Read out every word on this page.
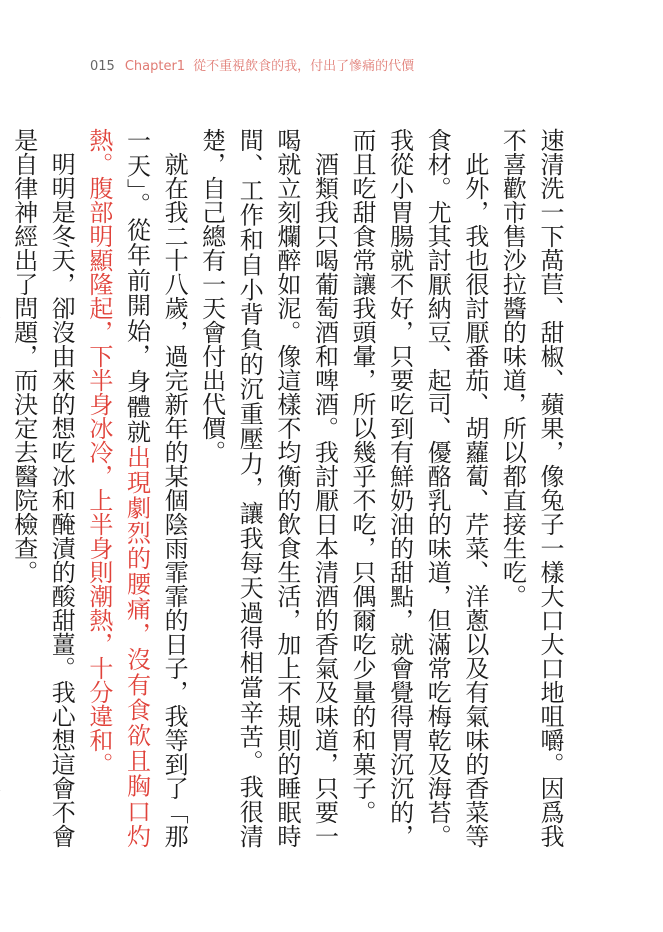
015 Chapter1 從不重視飲食的我，付出了慘痛的代價

速清洗一下萵苣、甜椒、蘋果，像兔子一樣大口大口地咀嚼。因爲我不喜歡市售沙拉醬的味道，所以都直接生吃。

此外，我也很討厭番茄、胡蘿蔔、芹菜、洋蔥以及有氣味的香菜等食材。尤其討厭納豆、起司、優酪乳的味道，但滿常吃梅乾及海苔。我從小胃腸就不好，只要吃到有鮮奶油的甜點，就會覺得胃沉沉的，而且吃甜食常讓我頭暈，所以幾乎不吃，只偶爾吃少量的和菓子。

酒類我只喝葡萄酒和啤酒。我討厭日本清酒的香氣及味道，只要一喝就立刻爛醉如泥。像這樣不均衡的飲食生活，加上不規則的睡眠時間、工作和自小背負的沉重壓力，讓我每天過得相當辛苦。我很清楚，自己總有一天會付出代價。

就在我二十八歲，過完新年的某個陰雨霏霏的日子，我等到了「那一天」。從年前開始，身體就出現劇烈的腰痛，沒有食欲且胸口灼熱。腹部明顯隆起，下半身冰冷，上半身則潮熱，十分違和。

明明是冬天，卻沒由來的想吃冰和醃漬的酸甜薑。我心想這會不會是自律神經出了問題，而決定去醫院檢查。
